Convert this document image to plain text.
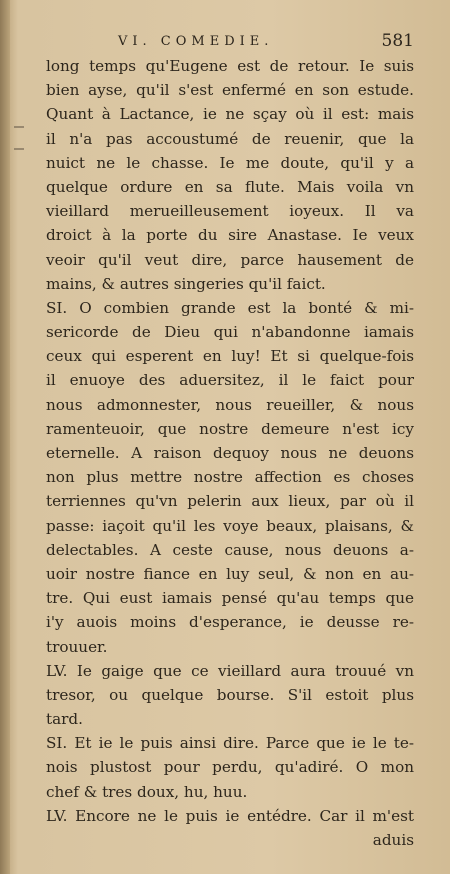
VI. COMEDIE.	581
long temps qu'Eugene est de retour. Ie suis
bien ayse, qu'il s'est enfermé en son estude.
Quant à Lactance, ie ne sçay où il est: mais
il n'a pas accoustumé de reuenir, que la
nuict ne le chasse. Ie me doute, qu'il y a
quelque ordure en sa flute. Mais voila vn
vieillard merueilleusement ioyeux. Il va
droict à la porte du sire Anastase. Ie veux
veoir qu'il veut dire, parce hausement de
mains, & autres singeries qu'il faict.
SI. O combien grande est la bonté & mi-
sericorde de Dieu qui n'abandonne iamais
ceux qui esperent en luy! Et si quelque-fois
il enuoye des aduersitez, il le faict pour
nous admonnester, nous reueiller, & nous
ramenteuoir, que nostre demeure n'est icy
eternelle. A raison dequoy nous ne deuons
non plus mettre nostre affection es choses
terriennes qu'vn pelerin aux lieux, par où il
passe: iaçoit qu'il les voye beaux, plaisans, &
delectables. A ceste cause, nous deuons a-
uoir nostre fiance en luy seul, & non en au-
tre. Qui eust iamais pensé qu'au temps que
i'y auois moins d'esperance, ie deusse re-
trouuer.
LV. Ie gaige que ce vieillard aura trouué vn
tresor, ou quelque bourse. S'il estoit plus
tard.
SI. Et ie le puis ainsi dire. Parce que ie le te-
nois plustost pour perdu, qu'adiré. O mon
chef & tres doux, hu, huu.
LV. Encore ne le puis ie entédre. Car il m'est
aduis
